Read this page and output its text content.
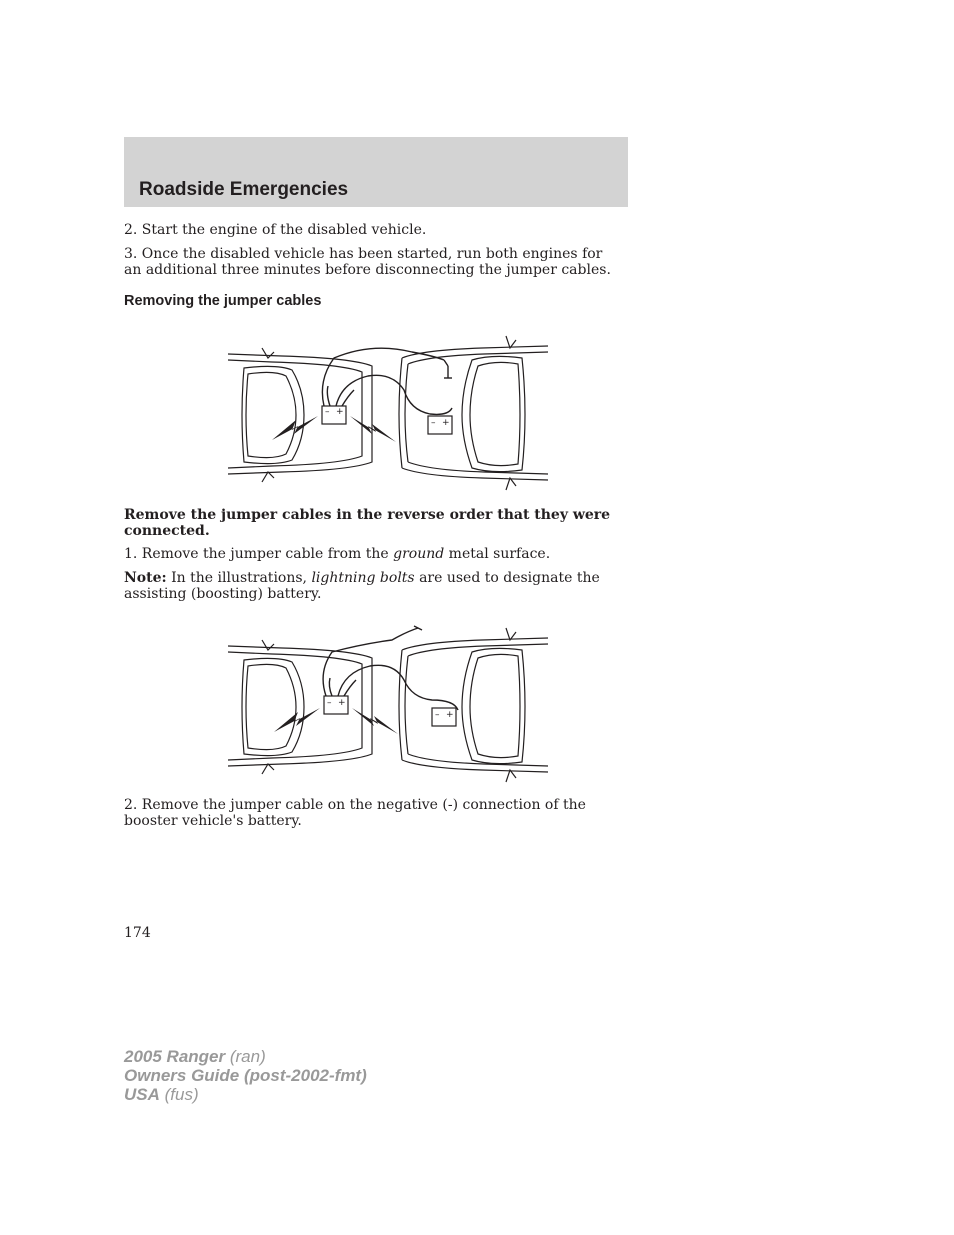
Roadside Emergencies

2. Start the engine of the disabled vehicle.

3. Once the disabled vehicle has been started, run both engines for an additional three minutes before disconnecting the jumper cables.

Removing the jumper cables
– +
– +

Remove the jumper cables in the reverse order that they were connected.

1. Remove the jumper cable from the ground metal surface.

Note: In the illustrations, lightning bolts are used to designate the assisting (boosting) battery.

– +
– +

2. Remove the jumper cable on the negative (-) connection of the booster vehicle's battery.

174

2005 Ranger (ran)
Owners Guide (post-2002-fmt)
USA (fus)
